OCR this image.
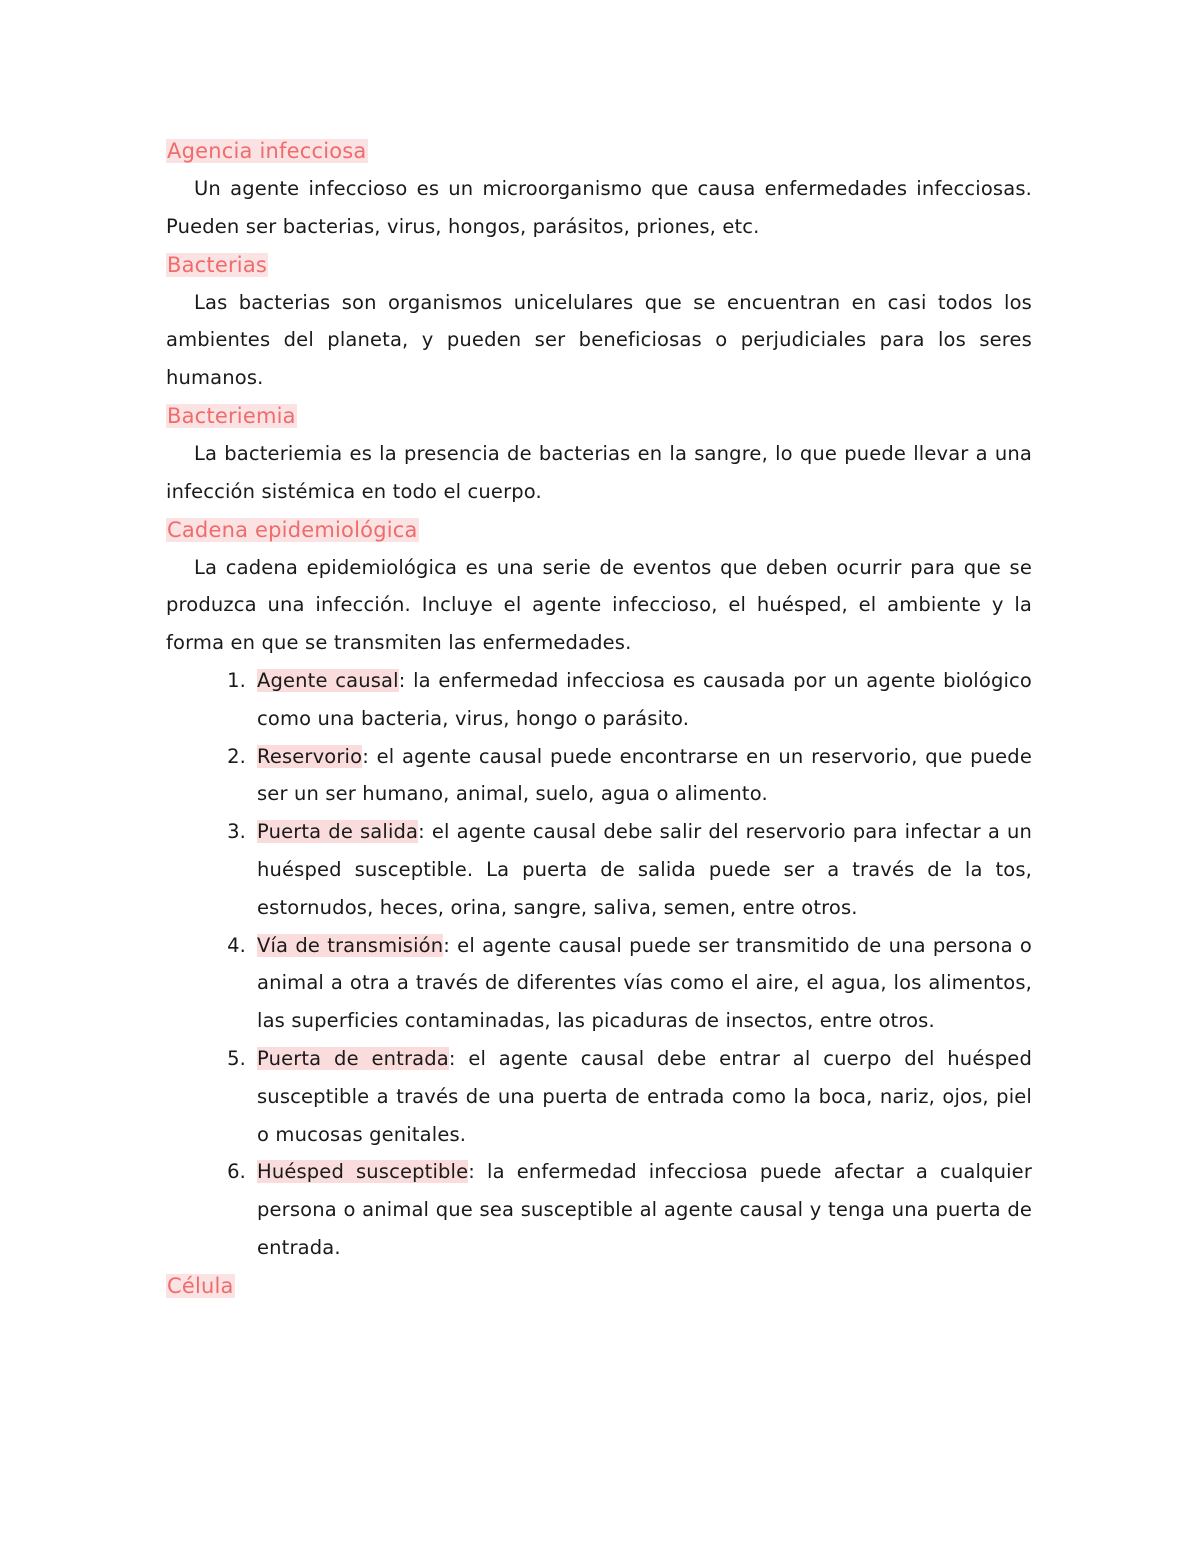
Agencia infecciosa

Un agente infeccioso es un microorganismo que causa enfermedades infecciosas. Pueden ser bacterias, virus, hongos, parásitos, priones, etc.

Bacterias

Las bacterias son organismos unicelulares que se encuentran en casi todos los ambientes del planeta, y pueden ser beneficiosas o perjudiciales para los seres humanos.

Bacteriemia

La bacteriemia es la presencia de bacterias en la sangre, lo que puede llevar a una infección sistémica en todo el cuerpo.

Cadena epidemiológica

La cadena epidemiológica es una serie de eventos que deben ocurrir para que se produzca una infección. Incluye el agente infeccioso, el huésped, el ambiente y la forma en que se transmiten las enfermedades.

1. Agente causal: la enfermedad infecciosa es causada por un agente biológico como una bacteria, virus, hongo o parásito.
2. Reservorio: el agente causal puede encontrarse en un reservorio, que puede ser un ser humano, animal, suelo, agua o alimento.
3. Puerta de salida: el agente causal debe salir del reservorio para infectar a un huésped susceptible. La puerta de salida puede ser a través de la tos, estornudos, heces, orina, sangre, saliva, semen, entre otros.
4. Vía de transmisión: el agente causal puede ser transmitido de una persona o animal a otra a través de diferentes vías como el aire, el agua, los alimentos, las superficies contaminadas, las picaduras de insectos, entre otros.
5. Puerta de entrada: el agente causal debe entrar al cuerpo del huésped susceptible a través de una puerta de entrada como la boca, nariz, ojos, piel o mucosas genitales.
6. Huésped susceptible: la enfermedad infecciosa puede afectar a cualquier persona o animal que sea susceptible al agente causal y tenga una puerta de entrada.
Célula
